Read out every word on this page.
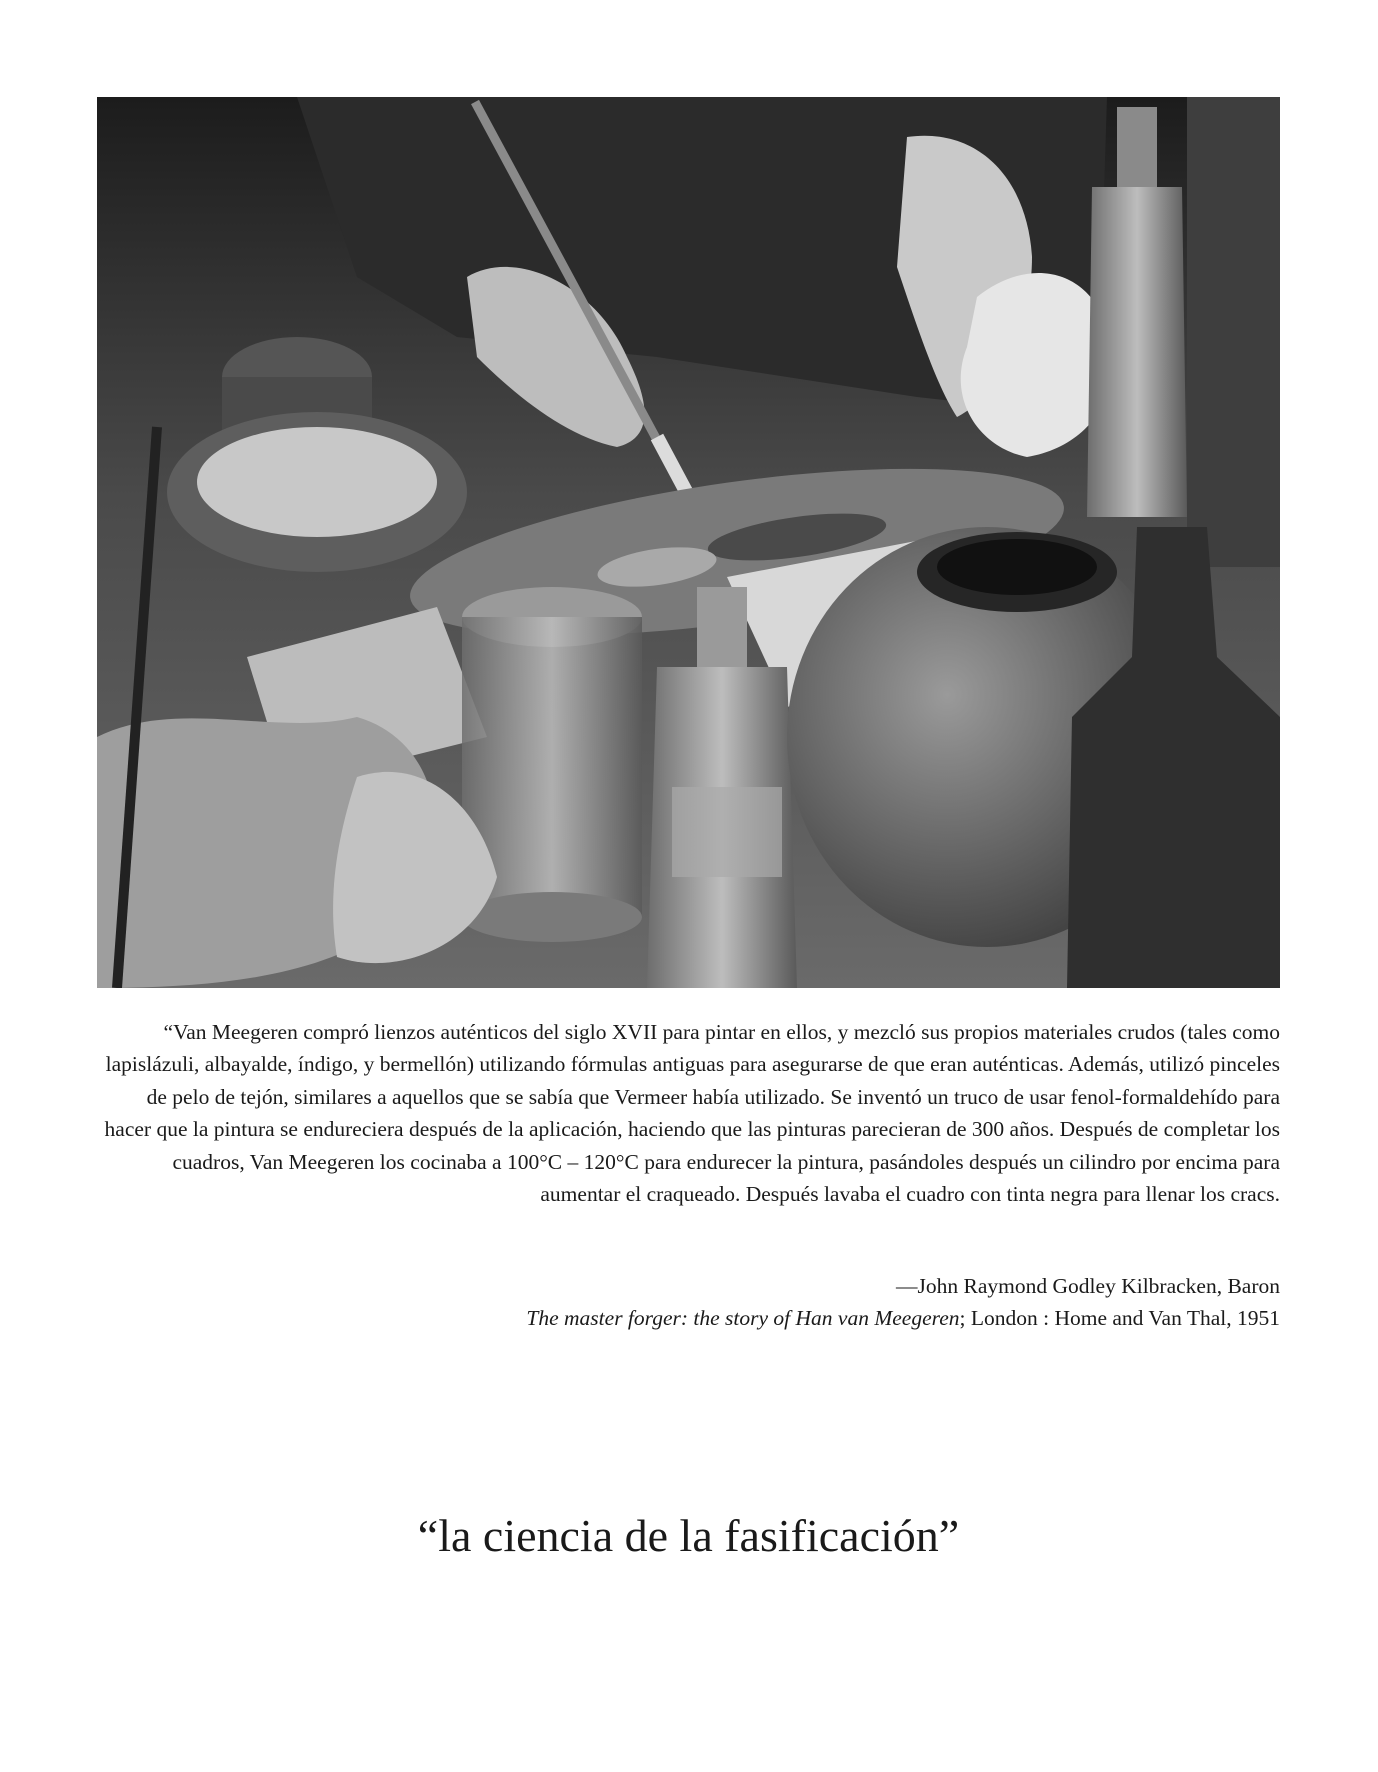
“Van Meegeren compró lienzos auténticos del siglo XVII para pintar en ellos, y mezcló sus propios materiales crudos (tales como lapislázuli, albayalde, índigo, y bermellón) utilizando fórmulas antiguas para asegurarse de que eran auténticas. Además, utilizó pinceles de pelo de tejón, similares a aquellos que se sabía que Vermeer había utilizado. Se inventó un truco de usar fenol-formaldehído para hacer que la pintura se endureciera después de la aplicación, haciendo que las pinturas parecieran de 300 años. Después de completar los cuadros, Van Meegeren los cocinaba a 100°C – 120°C para endurecer la pintura, pasándoles después un cilindro por encima para aumentar el craqueado. Después lavaba el cuadro con tinta negra para llenar los cracs.

—John Raymond Godley Kilbracken, Baron
The master forger: the story of Han van Meegeren; London : Home and Van Thal, 1951
“la ciencia de la fasificación”
